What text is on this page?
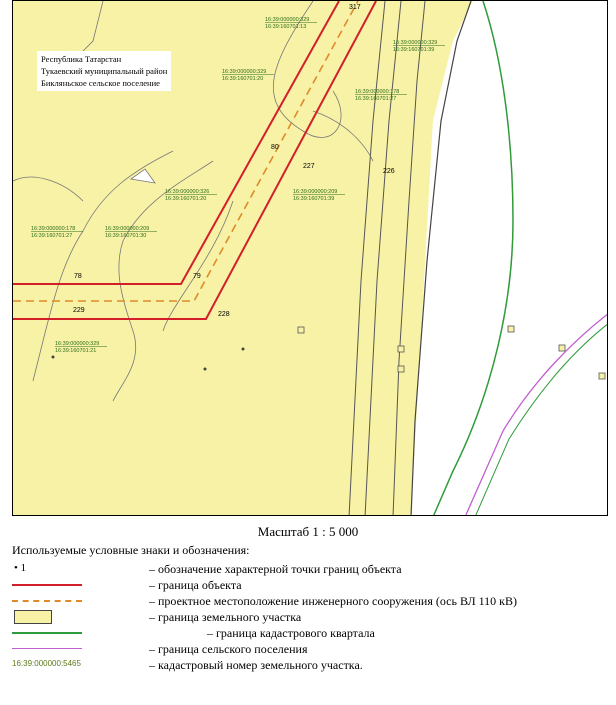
317
226
227
80
78	79
229
228
16:39:000000:329
16:39:160701:13
16:39:000000:329
16:39:160701:39
16:39:000000:329
16:39:160701:20
16:39:000000:178
16:39:160701:27
16:39:000000:209
16:39:160701:39
16:39:000000:326
16:39:160701:20
16:39:000000:178
16:39:160701:27
16:39:000000:209
16:39:160701:30
16:39:000000:329
16:39:160701:21
Республика Татарстан
Тукаевский муниципальный район
Бикляньское сельское поселение
Масштаб 1 : 5 000
Используемые условные знаки и обозначения:
• 1	– обозначение характерной точки границ объекта
– граница объекта
– проектное местоположение инженерного сооружения (ось ВЛ 110 кВ)
– граница земельного участка
– граница кадастрового квартала
– граница сельского поселения
16:39:000000:5465	– кадастровый номер земельного участка.
